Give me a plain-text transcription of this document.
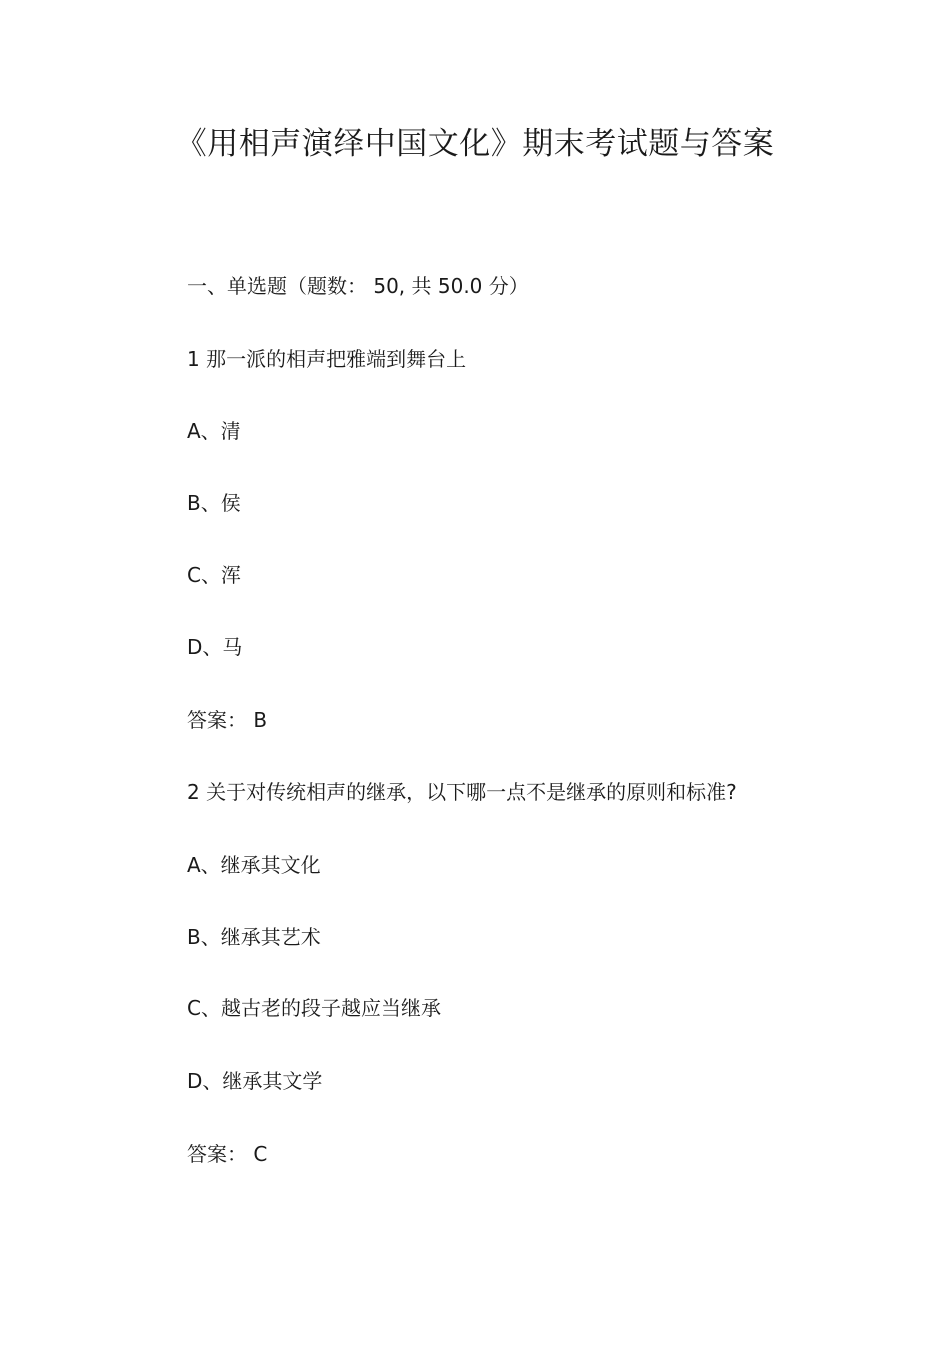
《用相声演绎中国文化》期末考试题与答案
一、单选题（题数： 50, 共 50.0 分）
1 那一派的相声把雅端到舞台上
A、清
B、侯
C、浑
D、马
答案： B
2 关于对传统相声的继承，以下哪一点不是继承的原则和标准?
A、继承其文化
B、继承其艺术
C、越古老的段子越应当继承
D、继承其文学
答案： C
